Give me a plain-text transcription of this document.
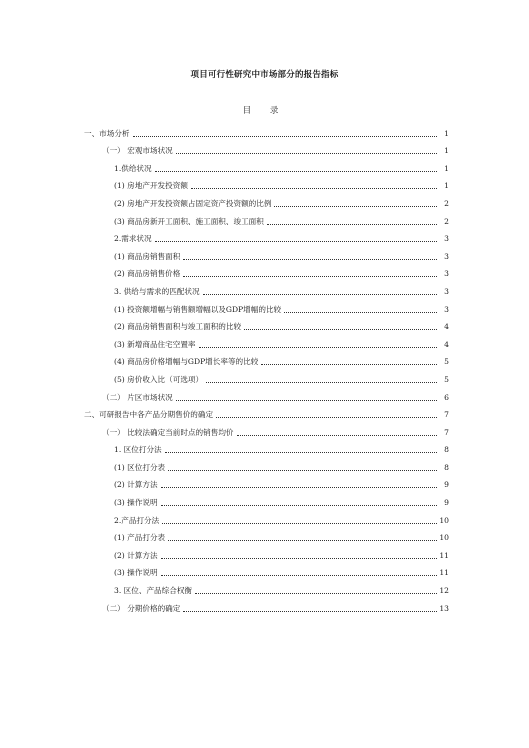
项目可行性研究中市场部分的报告指标
目 录
一、市场分析	1
（一） 宏观市场状况	1
1.供给状况	1
(1) 房地产开发投资额	1
(2) 房地产开发投资额占固定资产投资额的比例	2
(3) 商品房新开工面积、施工面积、竣工面积	2
2.需求状况	3
(1) 商品房销售面积	3
(2) 商品房销售价格	3
3. 供给与需求的匹配状况	3
(1) 投资额增幅与销售额增幅以及GDP增幅的比较	3
(2) 商品房销售面积与竣工面积的比较	4
(3) 新增商品住宅空置率	4
(4) 商品房价格增幅与GDP增长率等的比较	5
(5) 房价收入比（可选项）	5
（二） 片区市场状况	6
二、可研报告中各产品分期售价的确定	7
（一） 比较法确定当前时点的销售均价	7
1. 区位打分法	8
(1) 区位打分表	8
(2) 计算方法	9
(3) 操作说明	9
2.产品打分法	10
(1) 产品打分表	10
(2) 计算方法	11
(3) 操作说明	11
3. 区位、产品综合权衡	12
（二） 分期价格的确定	13
